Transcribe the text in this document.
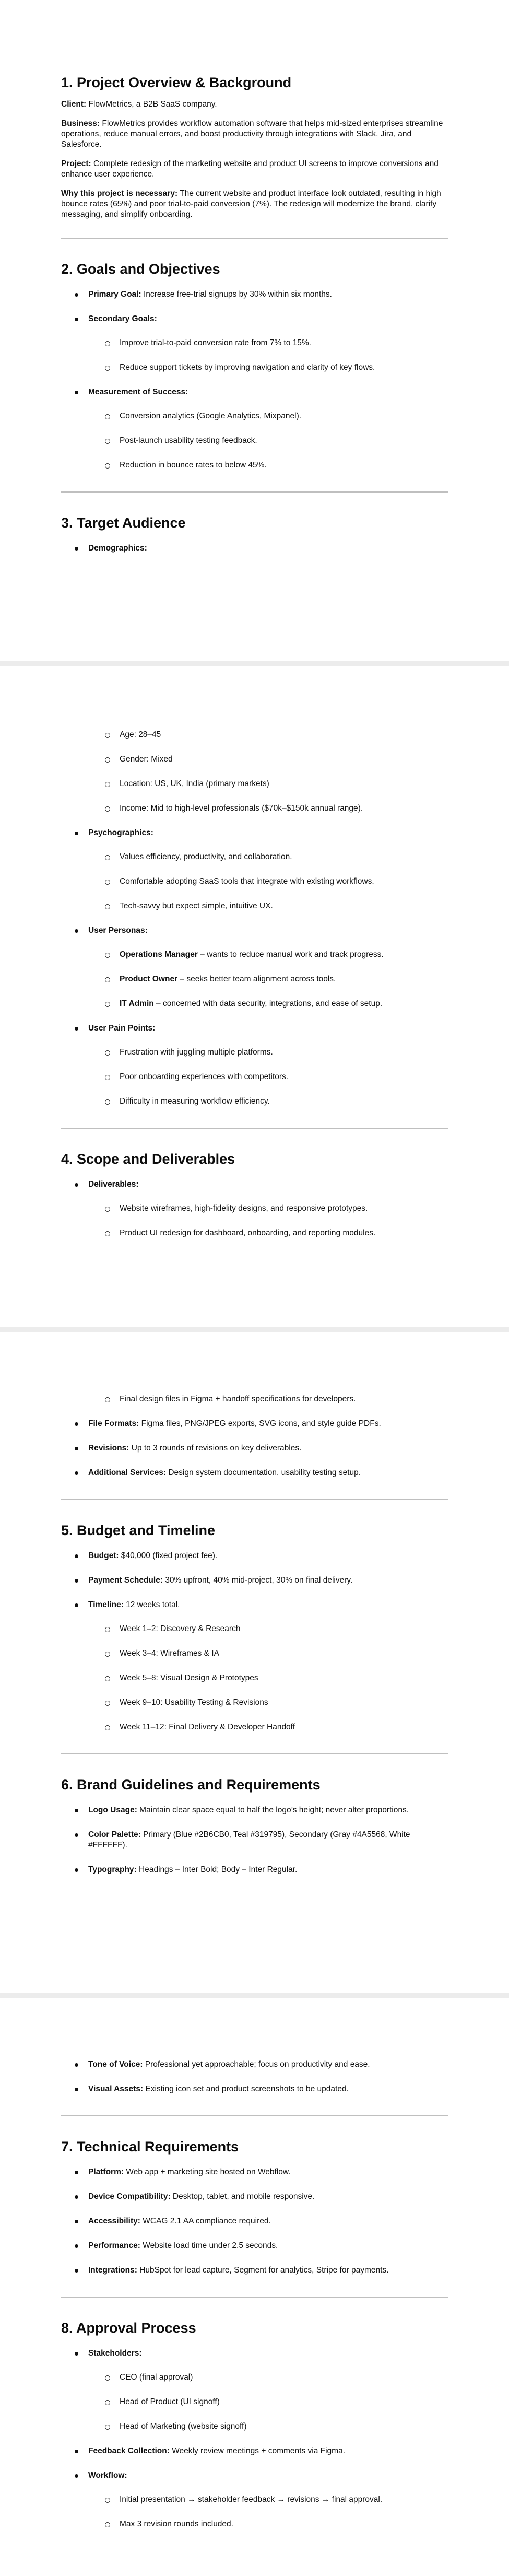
1. Project Overview & Background

Client: FlowMetrics, a B2B SaaS company.

Business: FlowMetrics provides workflow automation software that helps mid-sized enterprises streamline operations, reduce manual errors, and boost productivity through integrations with Slack, Jira, and Salesforce.

Project: Complete redesign of the marketing website and product UI screens to improve conversions and enhance user experience.

Why this project is necessary: The current website and product interface look outdated, resulting in high bounce rates (65%) and poor trial-to-paid conversion (7%). The redesign will modernize the brand, clarify messaging, and simplify onboarding.

2. Goals and Objectives
Primary Goal: Increase free-trial signups by 30% within six months.
Secondary Goals:
Improve trial-to-paid conversion rate from 7% to 15%.
Reduce support tickets by improving navigation and clarity of key flows.
Measurement of Success:
Conversion analytics (Google Analytics, Mixpanel).
Post-launch usability testing feedback.
Reduction in bounce rates to below 45%.
3. Target Audience
Demographics:
Age: 28–45
Gender: Mixed
Location: US, UK, India (primary markets)
Income: Mid to high-level professionals ($70k–$150k annual range).
Psychographics:
Values efficiency, productivity, and collaboration.
Comfortable adopting SaaS tools that integrate with existing workflows.
Tech-savvy but expect simple, intuitive UX.
User Personas:
Operations Manager – wants to reduce manual work and track progress.
Product Owner – seeks better team alignment across tools.
IT Admin – concerned with data security, integrations, and ease of setup.
User Pain Points:
Frustration with juggling multiple platforms.
Poor onboarding experiences with competitors.
Difficulty in measuring workflow efficiency.
4. Scope and Deliverables
Deliverables:
Website wireframes, high-fidelity designs, and responsive prototypes.
Product UI redesign for dashboard, onboarding, and reporting modules.
Final design files in Figma + handoff specifications for developers.
File Formats: Figma files, PNG/JPEG exports, SVG icons, and style guide PDFs.
Revisions: Up to 3 rounds of revisions on key deliverables.
Additional Services: Design system documentation, usability testing setup.
5. Budget and Timeline
Budget: $40,000 (fixed project fee).
Payment Schedule: 30% upfront, 40% mid-project, 30% on final delivery.
Timeline: 12 weeks total.
Week 1–2: Discovery & Research
Week 3–4: Wireframes & IA
Week 5–8: Visual Design & Prototypes
Week 9–10: Usability Testing & Revisions
Week 11–12: Final Delivery & Developer Handoff
6. Brand Guidelines and Requirements
Logo Usage: Maintain clear space equal to half the logo’s height; never alter proportions.
Color Palette: Primary (Blue #2B6CB0, Teal #319795), Secondary (Gray #4A5568, White #FFFFFF).
Typography: Headings – Inter Bold; Body – Inter Regular.
Tone of Voice: Professional yet approachable; focus on productivity and ease.
Visual Assets: Existing icon set and product screenshots to be updated.
7. Technical Requirements
Platform: Web app + marketing site hosted on Webflow.
Device Compatibility: Desktop, tablet, and mobile responsive.
Accessibility: WCAG 2.1 AA compliance required.
Performance: Website load time under 2.5 seconds.
Integrations: HubSpot for lead capture, Segment for analytics, Stripe for payments.
8. Approval Process
Stakeholders:
CEO (final approval)
Head of Product (UI signoff)
Head of Marketing (website signoff)
Feedback Collection: Weekly review meetings + comments via Figma.
Workflow:
Initial presentation → stakeholder feedback → revisions → final approval.
Max 3 revision rounds included.
